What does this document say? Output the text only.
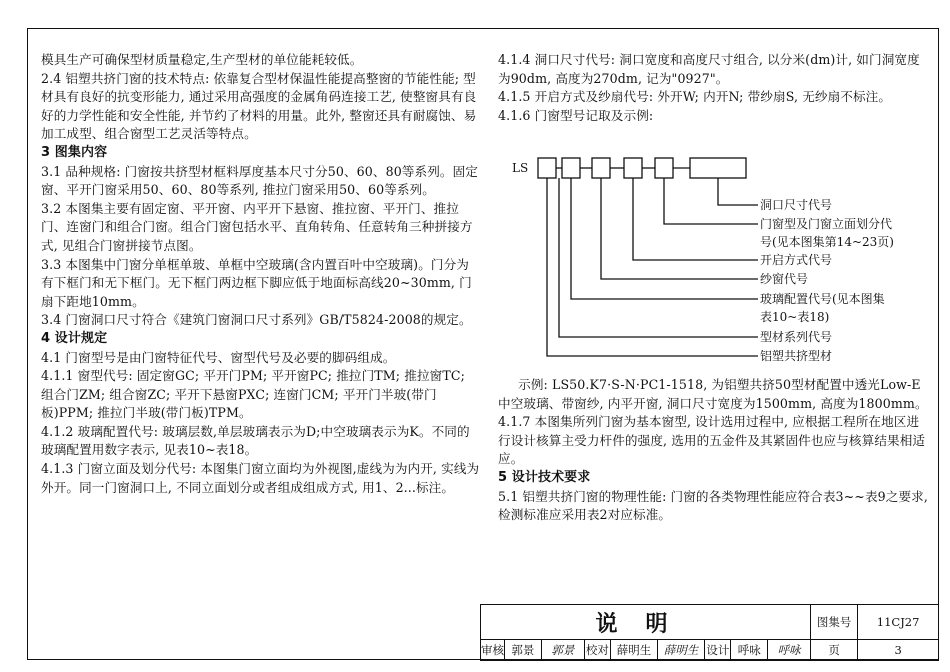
模具生产可确保型材质量稳定,生产型材的单位能耗较低。

2.4 铝塑共挤门窗的技术特点: 依靠复合型材保温性能提高整窗的节能性能; 型材具有良好的抗变形能力, 通过采用高强度的金属角码连接工艺, 使整窗具有良好的力学性能和安全性能, 并节约了材料的用量。此外, 整窗还具有耐腐蚀、易加工成型、组合窗型工艺灵活等特点。

3 图集内容

3.1 品种规格: 门窗按共挤型材框料厚度基本尺寸分50、60、80等系列。固定窗、平开门窗采用50、60、80等系列, 推拉门窗采用50、60等系列。

3.2 本图集主要有固定窗、平开窗、内平开下悬窗、推拉窗、平开门、推拉门、连窗门和组合门窗。组合门窗包括水平、直角转角、任意转角三种拼接方式, 见组合门窗拼接节点图。

3.3 本图集中门窗分单框单玻、单框中空玻璃(含内置百叶中空玻璃)。门分为有下框门和无下框门。无下框门两边框下脚应低于地面标高线20~30mm, 门扇下距地10mm。

3.4 门窗洞口尺寸符合《建筑门窗洞口尺寸系列》GB/T5824-2008的规定。

4 设计规定

4.1 门窗型号是由门窗特征代号、窗型代号及必要的脚码组成。

4.1.1 窗型代号: 固定窗GC; 平开门PM; 平开窗PC; 推拉门TM; 推拉窗TC; 组合门ZM; 组合窗ZC; 平开下悬窗PXC; 连窗门CM; 平开门半玻(带门板)PPM; 推拉门半玻(带门板)TPM。

4.1.2 玻璃配置代号: 玻璃层数,单层玻璃表示为D;中空玻璃表示为K。不同的玻璃配置用数字表示, 见表10~表18。

4.1.3 门窗立面及划分代号: 本图集门窗立面均为外视图,虚线为为内开, 实线为外开。同一门窗洞口上, 不同立面划分或者组成组成方式, 用1、2...标注。

4.1.4 洞口尺寸代号: 洞口宽度和高度尺寸组合, 以分米(dm)计, 如门洞宽度为90dm, 高度为270dm, 记为"0927"。

4.1.5 开启方式及纱扇代号: 外开W; 内开N; 带纱扇S, 无纱扇不标注。

4.1.6 门窗型号记取及示例:

LS
洞口尺寸代号
门窗型及门窗立面划分代
号(见本图集第14~23页)
开启方式代号
纱窗代号
玻璃配置代号(见本图集
表10~表18)
型材系列代号
铝塑共挤型材

示例: LS50.K7·S-N·PC1-1518, 为铝塑共挤50型材配置中透光Low-E中空玻璃、带窗纱, 内平开窗, 洞口尺寸宽度为1500mm, 高度为1800mm。

4.1.7 本图集所列门窗为基本窗型, 设计选用过程中, 应根据工程所在地区进行设计核算主受力杆件的强度, 选用的五金件及其紧固件也应与核算结果相适应。

5 设计技术要求

5.1 铝塑共挤门窗的物理性能: 门窗的各类物理性能应符合表3~~表9之要求, 检测标准应采用表2对应标准。

说明									图集号	11CJ27
审核	郭景	郭景	校对	薛明生	薛明生	设计	呼咏	呼咏	页	3
